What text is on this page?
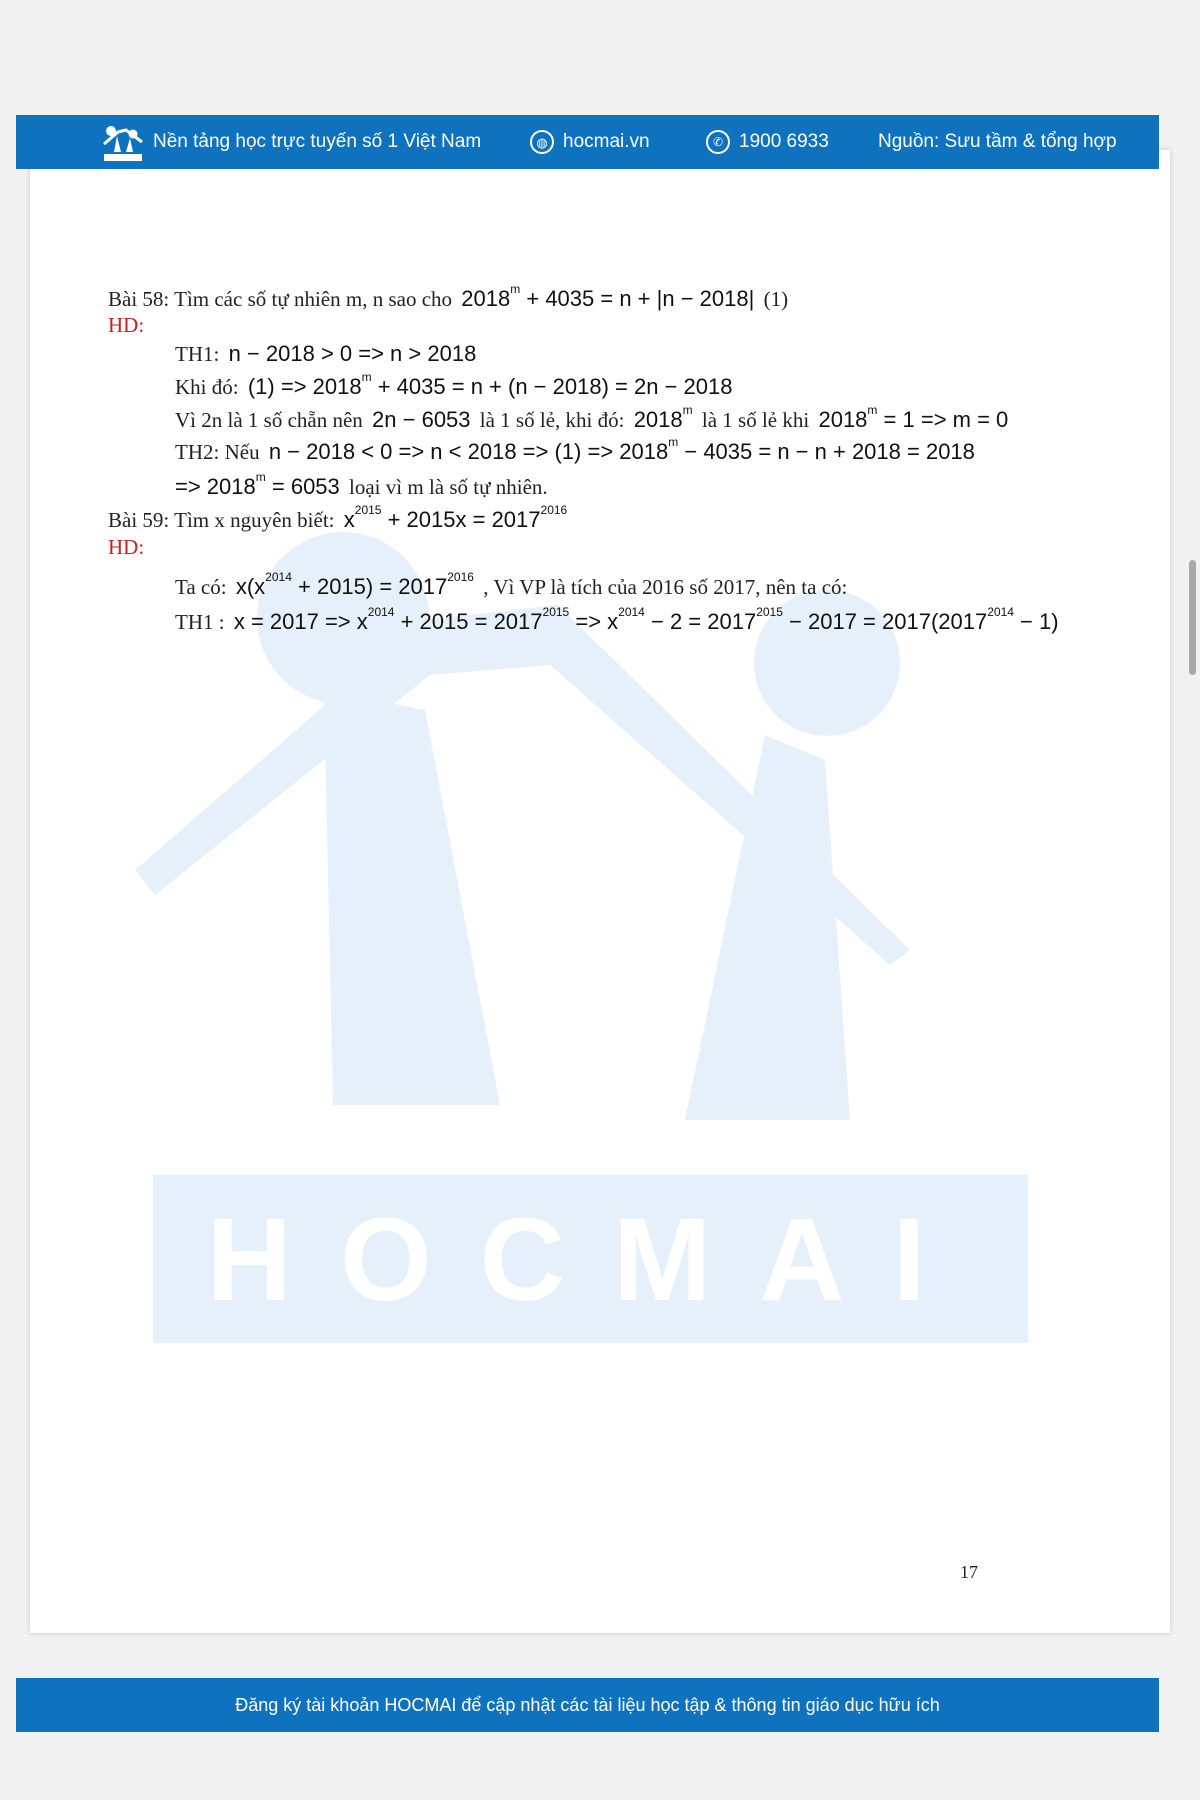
Nền tảng học trực tuyến số 1 Việt Nam	◍ hocmai.vn	✆ 1900 6933	Nguồn: Sưu tầm & tổng hợp
HOCMAI
Bài 58: Tìm các số tự nhiên m, n sao cho $2018^m + 4035 = n + |n - 2018|$ (1)
HD:
TH1: n − 2018 > 0 => n > 2018
Khi đó: $(1) => 2018^m + 4035 = n + (n - 2018) = 2n - 2018$
Vì 2n là 1 số chẵn nên 2n − 6053 là 1 số lẻ, khi đó: 2018$^m$ là 1 số lẻ khi $2018^m = 1 => m = 0$
TH2: Nếu $n - 2018 < 0 => n < 2018 => (1) => 2018^m - 4035 = n - n + 2018 = 2018$
=> $2018^m = 6053$ loại vì m là số tự nhiên.
Bài 59: Tìm x nguyên biết: $x^{2015} + 2015x = 2017^{2016}$
HD:
Ta có: $x(x^{2014} + 2015) = 2017^{2016}$ , Vì VP là tích của 2016 số 2017, nên ta có:
TH1 : $x = 2017 => x^{2014} + 2015 = 2017^{2015} => x^{2014} - 2 = 2017^{2015} - 2017 = 2017(2017^{2014} - 1)$
17
Đăng ký tài khoản HOCMAI để cập nhật các tài liệu học tập & thông tin giáo dục hữu ích
